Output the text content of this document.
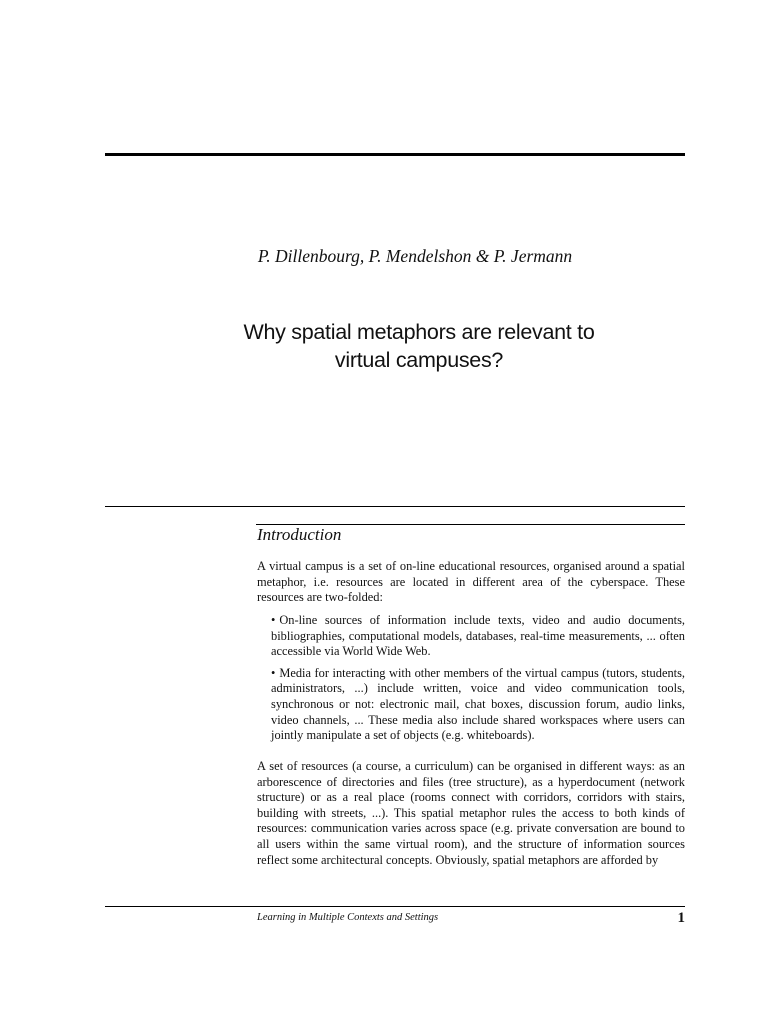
P. Dillenbourg, P. Mendelshon & P. Jermann
Why spatial metaphors are relevant to virtual campuses?
Introduction
A virtual campus is a set of on-line educational resources, organised around a spatial metaphor, i.e. resources are located in different area of the cyberspace. These resources are two-folded:
• On-line sources of information include texts, video and audio documents, bibliographies, computational models, databases, real-time measurements, ... often accessible via World Wide Web.
• Media for interacting with other members of the virtual campus (tutors, students, administrators, ...) include written, voice and video communication tools, synchronous or not: electronic mail, chat boxes, discussion forum, audio links, video channels, ... These media also include shared workspaces where users can jointly manipulate a set of objects (e.g. whiteboards).
A set of resources (a course, a curriculum) can be organised in different ways: as an arborescence of directories and files (tree structure), as a hyperdocument (network structure) or as a real place (rooms connect with corridors, corridors with stairs, building with streets, ...). This spatial metaphor rules the access to both kinds of resources: communication varies across space (e.g. private conversation are bound to all users within the same virtual room), and the structure of information sources reflect some architectural concepts. Obviously, spatial metaphors are afforded by
Learning in Multiple Contexts and Settings	1
